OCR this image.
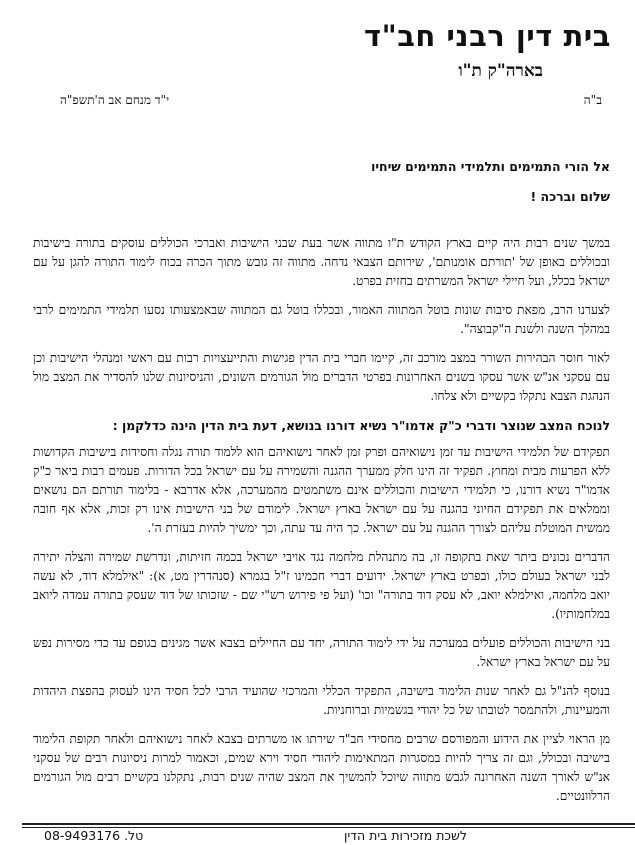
בית דין רבני חב"ד
בארה"ק ת"ו
ב"ה
י"ד מנחם אב ה'תשפ"ה

אל הורי התמימים ותלמידי התמימים שיחיו

שלום וברכה !

במשך שנים רבות היה קיים בארץ הקודש ת"ו מתווה אשר בעת שבני הישיבות ואברכי הכוללים עוסקים בתורה בישיבות ובכוללים באופן של 'תורתם אומנותם', שירותם הצבאי נדחה. מתווה זה גובש מתוך הכרה בכוח לימוד התורה להגן על עם ישראל בכלל, ועל חיילי ישראל המשרתים בחזית בפרט.

לצערנו הרב, מפאת סיבות שונות בוטל המתווה האמור, ובכללו בוטל גם המתווה שבאמצעותו נסעו תלמידי התמימים לרבי במהלך השנה ולשנת ה"קבוצה".

לאור חוסר הבהירות השורר במצב מורכב זה, קיימו חברי בית הדין פגישות והתייעצויות רבות עם ראשי ומנהלי הישיבות וכן עם עסקני אנ"ש אשר עסקו בשנים האחרונות בפרטי הדברים מול הגורמים השונים, והניסיונות שלנו להסדיר את המצב מול הנהגת הצבא נתקלו בקשיים ולא צלחו.

לנוכח המצב שנוצר ודברי כ"ק אדמו"ר נשיא דורנו בנושא, דעת בית הדין הינה כדלקמן :

תפקידם של תלמידי הישיבות עד זמן נישואיהם ופרק זמן לאחר נישואיהם הוא ללמוד תורה נגלה וחסידות בישיבות הקדושות ללא הפרעות מבית ומחוץ. תפקיד זה הינו חלק ממערך ההגנה והשמירה על עם ישראל בכל הדורות. פעמים רבות ביאר כ"ק אדמו"ר נשיא דורנו, כי תלמידי הישיבות והכוללים אינם משתמטים מהמערכה, אלא אדרבא - בלימוד תורתם הם נושאים וממלאים את תפקידם החיוני בהגנה על עם ישראל בארץ ישראל. לימודם של בני הישיבות אינו רק זכות, אלא אף חובה ממשית המוטלת עליהם לצורך ההגנה על עם ישראל. כך היה עד עתה, וכך ימשיך להיות בעזרת ה'.

הדברים נכונים ביתר שאת בתקופה זו, בה מתנהלת מלחמה נגד אויבי ישראל בכמה חזיתות, ונדרשת שמירה והצלה יתירה לבני ישראל בעולם כולו, ובפרט בארץ ישראל. ידועים דברי חכמינו ז"ל בגמרא (סנהדרין מט, א): "אילמלא דוד, לא עשה יואב מלחמה, ואילמלא יואב, לא עסק דוד בתורה" וכו' (ועל פי פירוש רש"י שם - שזכותו של דוד שעסק בתורה עמדה ליואב במלחמותיו).

בני הישיבות והכוללים פועלים במערכה על ידי לימוד התורה, יחד עם החיילים בצבא אשר מגינים בגופם עד כדי מסירות נפש על עם ישראל בארץ ישראל.

בנוסף להנ"ל גם לאחר שנות הלימוד בישיבה, התפקיד הכללי והמרכזי שהועיד הרבי לכל חסיד הינו לעסוק בהפצת היהדות והמעיינות, ולהתמסר לטובתו של כל יהודי בגשמיות וברוחניות.

מן הראוי לציין את הידוע והמפורסם שרבים מחסידי חב"ד שירתו או משרתים בצבא לאחר נישואיהם ולאחר תקופת הלימוד בישיבה ובכולל, וגם זה צריך להיות במסגרות המתאימות ליהודי חסיד וירא שמים, וכאמור למרות ניסיונות רבים של עסקני אנ"ש לאורך השנה האחרונה לגבש מתווה שיוכל להמשיך את המצב שהיה שנים רבות, נתקלנו בקשיים רבים מול הגורמים הרלוונטיים.

לשכת מזכירות בית הדין
טל. 08-9493176
